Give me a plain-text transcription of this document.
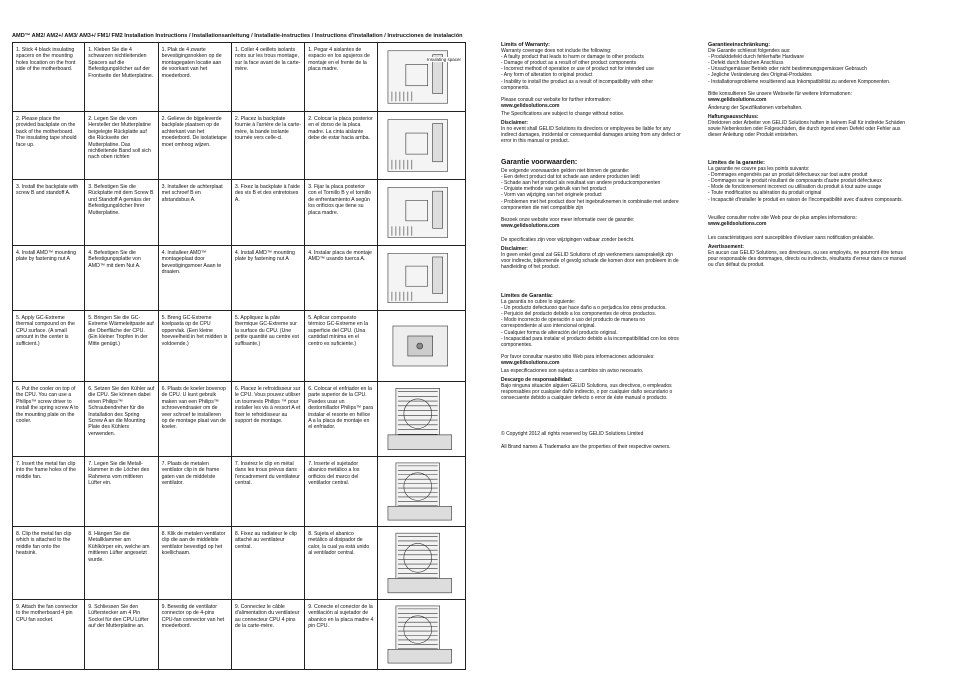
AMD™ AM2/ AM2+/ AM3/ AM3+/ FM1/ FM2 Installation Instructions / Installationsanleitung / Installatie-instructies / Instructions d'installation / Instrucciones de instalación
1. Stick 4 black insulating spacers on the mounting holes location on the front side of the motherboard.
1. Kleben Sie die 4 schwarzen nichtleitenden Spacers auf die Befestigungslöcher auf der Frontseite der Mutterplatine.
1. Plak de 4 zwarte bevestigingsnokken op de montagegaten locatie aan de voorkant van het moederbord.
1. Coller 4 oeillets isolants noirs sur les trous montage, sur la face avant de la carte-mère.
1. Pegar 4 aislantes de espacio en los agujeros de montaje en el frente de la placa madre.
Insulating spacer
2. Please place the provided backplate on the back of the motherboard. The insulating tape should face up.
2. Legen Sie die vom Hersteller der Mutterplatine beigelegte Rückplatte auf die Rückseite der Mutterplatine. Das nichtleitende Band soll sich nach oben richten
2. Gelieve de bijgeleverde backplate plaatsen op de achterkant van het moederbord. De isolatietape moet omhoog wijzen.
2. Placez la backplate fournie à l'arrière de la carte-mère, la bande isolante tournée vers celle-ci.
2. Colocar la placa posterior en el dorso de la placa madre. La cinta aislante debe de estar hacia arriba.
3. Install the backplate with screw B and standoff A.
3. Befestigen Sie die Rückplatte mit dem Screw B und Standoff A gemäss der Befestigungslöcher Ihrer Mutterplatine.
3. Installeer de achterplaat met schroef B en afstandsbus A.
3. Fixez la backplate à l'aide des vis B et des entretoises A.
3. Fijar la placa posterior con el Tornillo B y el tornillo de enfrentamiento A según los orificios que tiene su placa madre.
4. Install AMD™ mounting plate by fastening nut A
4. Befestigen Sie die Befestigungsplatte von AMD™ mit dem Nut A.
4. Installeer AMD™ montageplaat door bevestigingsmoer Aaan te draaien.
4. Install AMD™ mounting plate by fastening nut A
4. Instalar placa de montaje AMD™ usando tuerca A.
5. Apply GC-Extreme thermal compound on the CPU surface. (A small amount in the center is sufficient.)
5. Bringen Sie die GC-Extreme Wärmeleitpaste auf die Oberfläche der CPU. (Ein kleiner Tropfen in der Mitte genügt.)
5. Breng GC-Extreme koelpasta op de CPU oppervlak. (Een kleine hoeveelheid in het midden is voldoende.)
5. Appliquez la pâte thermique GC-Extreme sur la surface du CPU. (Une petite quantité au centre est suffisante.)
5. Aplicar compuesto térmico GC-Extreme en la superficie del CPU. (Una cantidad mínima en el centro es suficiente.)
6. Put the cooler on top of the CPU. You can use a Philips™ screw driver to install the spring screw A to the mounting plate on the cooler.
6. Setzen Sie den Kühler auf die CPU. Sie können dabei einen Philips™ Schraubendreher für die Installation des Spring Screw A an die Mounting Plate des Kühlers verwenden.
6. Plaats de koeler bovenop de CPU. U kunt gebruik maken van een Philips™ schroevendraaier om de veer schroef te installeren op de montage plaat van de koeler.
6. Placez le refroidisseur sur le CPU. Vous pouvez utiliser un tournevis Philips ™ pour installer les vis à ressort A et fixer le refroidisseur au support de montage.
6. Colocar el enfriador en la parte superior de la CPU. Puedes usar un destornillador Philips™ para instalar el resorte en hélice A a la placa de montaje en el enfriador.
7. Insert the metal fan clip into the frame holes of the middle fan.
7. Legen Sie die Metall-klammer in die Löcher des Rahmens vom mittleren Lüfter ein.
7. Plaats de metalen ventilator clip in de frame gaten van de middelste ventilator.
7. Insérez le clip en métal dans les trous prévus dans l'encadrement du ventilateur central.
7. Inserte el sujetador abanico metálico a los orificios del marco del ventilador central.
8. Clip the metal fan clip which is attached to the middle fan onto the heatsink.
8. Hängen Sie die Metallklammer am Kühlkörper ein, welche am mittleren Lüfter angesetzt wurde.
8. Klik de metalen ventilator clip die aan de middelste ventilator bevestigd op het koellichaam.
8. Fixez au radiateur le clip attaché au ventilateur central.
8. Sujeta el abanico metálico al disipador de calor, la cual ya está unido al ventilador central.
9. Attach the fan connector to the motherboard 4 pin CPU fan socket.
9. Schliessen Sie den Lüfterstecker am 4 Pin Sockel für den CPU Lüfter auf der Mutterplatine an.
9. Bevestig de ventilator connector op de 4-pins CPU-fan connector van het moederbord.
9. Connectez le câble d'alimentation du ventilateur au connecteur CPU 4 pins de la carte-mère.
9. Conecte el conector de la ventilación al sujetador de abanico en la placa madre 4 pin CPU.
Limits of Warranty:
Warranty coverage does not include the following:
- A faulty product that leads to harm or damage to other products
- Damage of product as a result of other product components
- Incorrect method of operation or use of product not for intended use
- Any form of alteration to original product
- Inability to install the product as a result of incompatibility with other components.

Please consult our website for further information:

www.gelidsolutions.com

The Specifications are subject to change without notice.

Disclaimer:
In no event shall GELID Solutions its directors or employees be liable for any indirect damages, incidental or consequential damages arising from any defect or error in this manual or product.
Garantieeinschränkung:
Die Garantie schliesst folgendes aus:
- Produktdefekt durch fehlerhafte Hardware
- Defekt durch falschen Anschluss
- Unsachgemässer Betrieb oder nicht bestimmungsgemässer Gebrauch
- Jegliche Veränderung des Original-Produktes
- Installationsprobleme resultierend aus Inkompatibilität zu anderen Komponenten.

Bitte konsultieren Sie unsere Webseite für weitere Informationen:

www.gelidsolutions.com

Änderung der Spezifikationen vorbehalten.

Haftungsausschluss:
Direktoren oder Arbeiter von GELID Solutions haften in keinem Fall für indirekte Schäden sowie Nebenkosten oder Folgeschäden, die durch irgend einen Defekt oder Fehler aus dieser Anleitung oder Produkt entstehen.
Garantie voorwaarden:
De volgende voorwaarden gelden niet binnen de garantie:
- Een defect product dat tot schade aan andere producten leidt
- Schade aan het product als resultaat van andere productcomponenten
- Onjuiste methode van gebruik van het product
- Vorm van wijziging van het originele product
- Problemen met het product door het ingebruiknemen in combinatie met andere componenten die niet compatible zijn

Bezoek onze website voor meer informatie over de garantie:

www.gelidsolutions.com

De specificaties zijn voor wijzigingen vatbaar zonder bericht.

Disclaimer:
In geen enkel geval zal GELID Solutions of zijn werknemers aansprakelijk zijn voor indirecte, bijkomende of gevolg schade die komen door een probleem in de handleiding of het product.
Limites de la garantie:
La garantie ne couvre pas les points suivants:
- Dommages engendrés par un produit défectueux sur tout autre produit
- Dommages sur le produit résultant de composants d'autre produit défectueux
- Mode de fonctionnement incorrect ou utilisation du produit à tout autre usage
- Toute modification ou altération du produit original
- Incapacité d'installer le produit en raison de l'incompatibilité avec d'autres composants.

Veuillez consulter notre site Web pour de plus amples informations:

www.gelidsolutions.com

Les caractéristiques sont susceptibles d'évoluer sans notification préalable.

Avertissement:
En aucun cas GELID Solutions, ses directeurs, ou ses employés, ne pourront être tenus pour responsable des dommages, directs ou indirects, résultants d'erreur dans ce manuel ou d'un défaut du produit.
Limites de Garantía:
La garantía no cubre lo siguiente:
- Un producto defectuoso que hace daño a o perjudica los otros productos.
- Perjuicio del producto debido a los componentes de otros productos.
- Modo incorrecto de operación o uso del producto de manera no correspondiente al uso intencional original.
- Cualquier forma de alteración del producto original.
- Incapacidad para instalar el producto debido a la incompatibilidad con los otros componentes.

Por favor consultar nuestro sitio Web para informaciones adicionales:

www.gelidsolutions.com

Las especificaciones son sujetas a cambios sin aviso necesario.

Descargo de responsabilidad:
Bajo ninguna situación alguien GELID Solutions, sus directivos, o empleados responsables por cualquier daño indirecto, o por cualquier daño secundario o consecuente debido a cualquier defecto o error de éste manual o producto.
© Copyright 2012 all rights reserved by GELID Solutions Limited
All Brand names & Trademarks are the properties of their respective owners.
